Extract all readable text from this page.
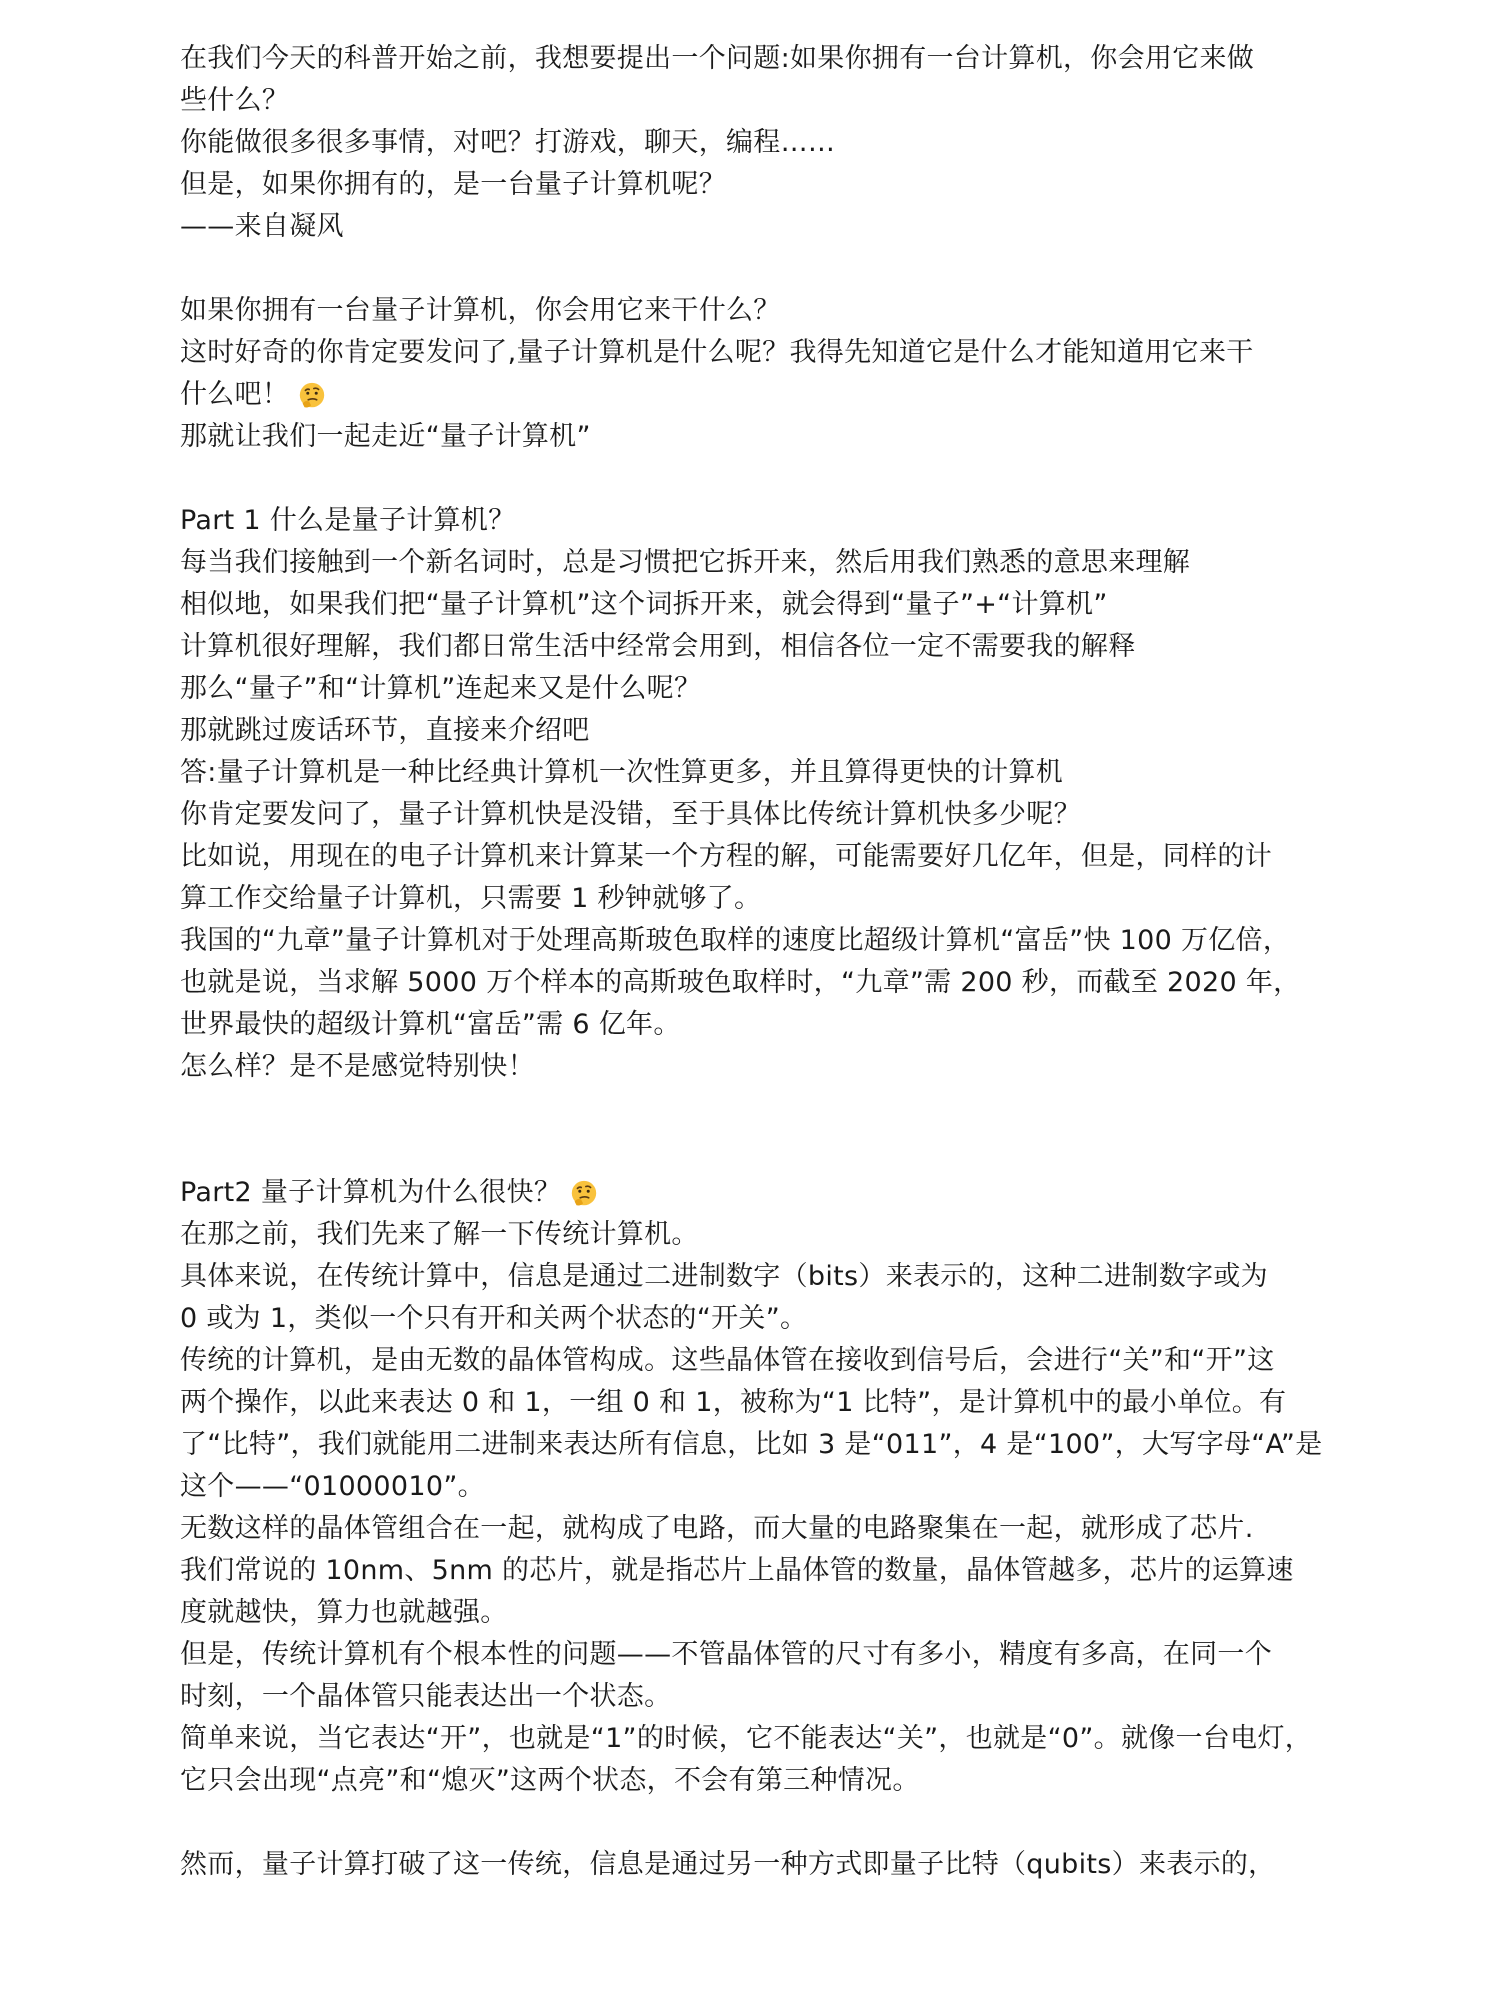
在我们今天的科普开始之前，我想要提出一个问题:如果你拥有一台计算机，你会用它来做

些什么？

你能做很多很多事情，对吧？打游戏，聊天，编程……

但是，如果你拥有的，是一台量子计算机呢？

——来自凝风

如果你拥有一台量子计算机，你会用它来干什么？

这时好奇的你肯定要发问了,量子计算机是什么呢？我得先知道它是什么才能知道用它来干

什么吧！

那就让我们一起走近“量子计算机”

Part 1 什么是量子计算机？

每当我们接触到一个新名词时，总是习惯把它拆开来，然后用我们熟悉的意思来理解

相似地，如果我们把“量子计算机”这个词拆开来，就会得到“量子”+“计算机”

计算机很好理解，我们都日常生活中经常会用到，相信各位一定不需要我的解释

那么“量子”和“计算机”连起来又是什么呢？

那就跳过废话环节，直接来介绍吧

答:量子计算机是一种比经典计算机一次性算更多，并且算得更快的计算机

你肯定要发问了，量子计算机快是没错，至于具体比传统计算机快多少呢？

比如说，用现在的电子计算机来计算某一个方程的解，可能需要好几亿年，但是，同样的计

算工作交给量子计算机，只需要 1 秒钟就够了。

我国的“九章”量子计算机对于处理高斯玻色取样的速度比超级计算机“富岳”快 100 万亿倍，

也就是说，当求解 5000 万个样本的高斯玻色取样时，“九章”需 200 秒，而截至 2020 年，

世界最快的超级计算机“富岳”需 6 亿年。

怎么样？是不是感觉特别快！

Part2 量子计算机为什么很快？

在那之前，我们先来了解一下传统计算机。

具体来说，在传统计算中，信息是通过二进制数字（bits）来表示的，这种二进制数字或为

0 或为 1，类似一个只有开和关两个状态的“开关”。

传统的计算机，是由无数的晶体管构成。这些晶体管在接收到信号后，会进行“关”和“开”这

两个操作，以此来表达 0 和 1，一组 0 和 1，被称为“1 比特”，是计算机中的最小单位。有

了“比特”，我们就能用二进制来表达所有信息，比如 3 是“011”，4 是“100”，大写字母“A”是

这个——“01000010”。

无数这样的晶体管组合在一起，就构成了电路，而大量的电路聚集在一起，就形成了芯片.

我们常说的 10nm、5nm 的芯片，就是指芯片上晶体管的数量，晶体管越多，芯片的运算速

度就越快，算力也就越强。

但是，传统计算机有个根本性的问题——不管晶体管的尺寸有多小，精度有多高，在同一个

时刻，一个晶体管只能表达出一个状态。

简单来说，当它表达“开”，也就是“1”的时候，它不能表达“关”，也就是“0”。就像一台电灯，

它只会出现“点亮”和“熄灭”这两个状态，不会有第三种情况。

然而，量子计算打破了这一传统，信息是通过另一种方式即量子比特（qubits）来表示的，
